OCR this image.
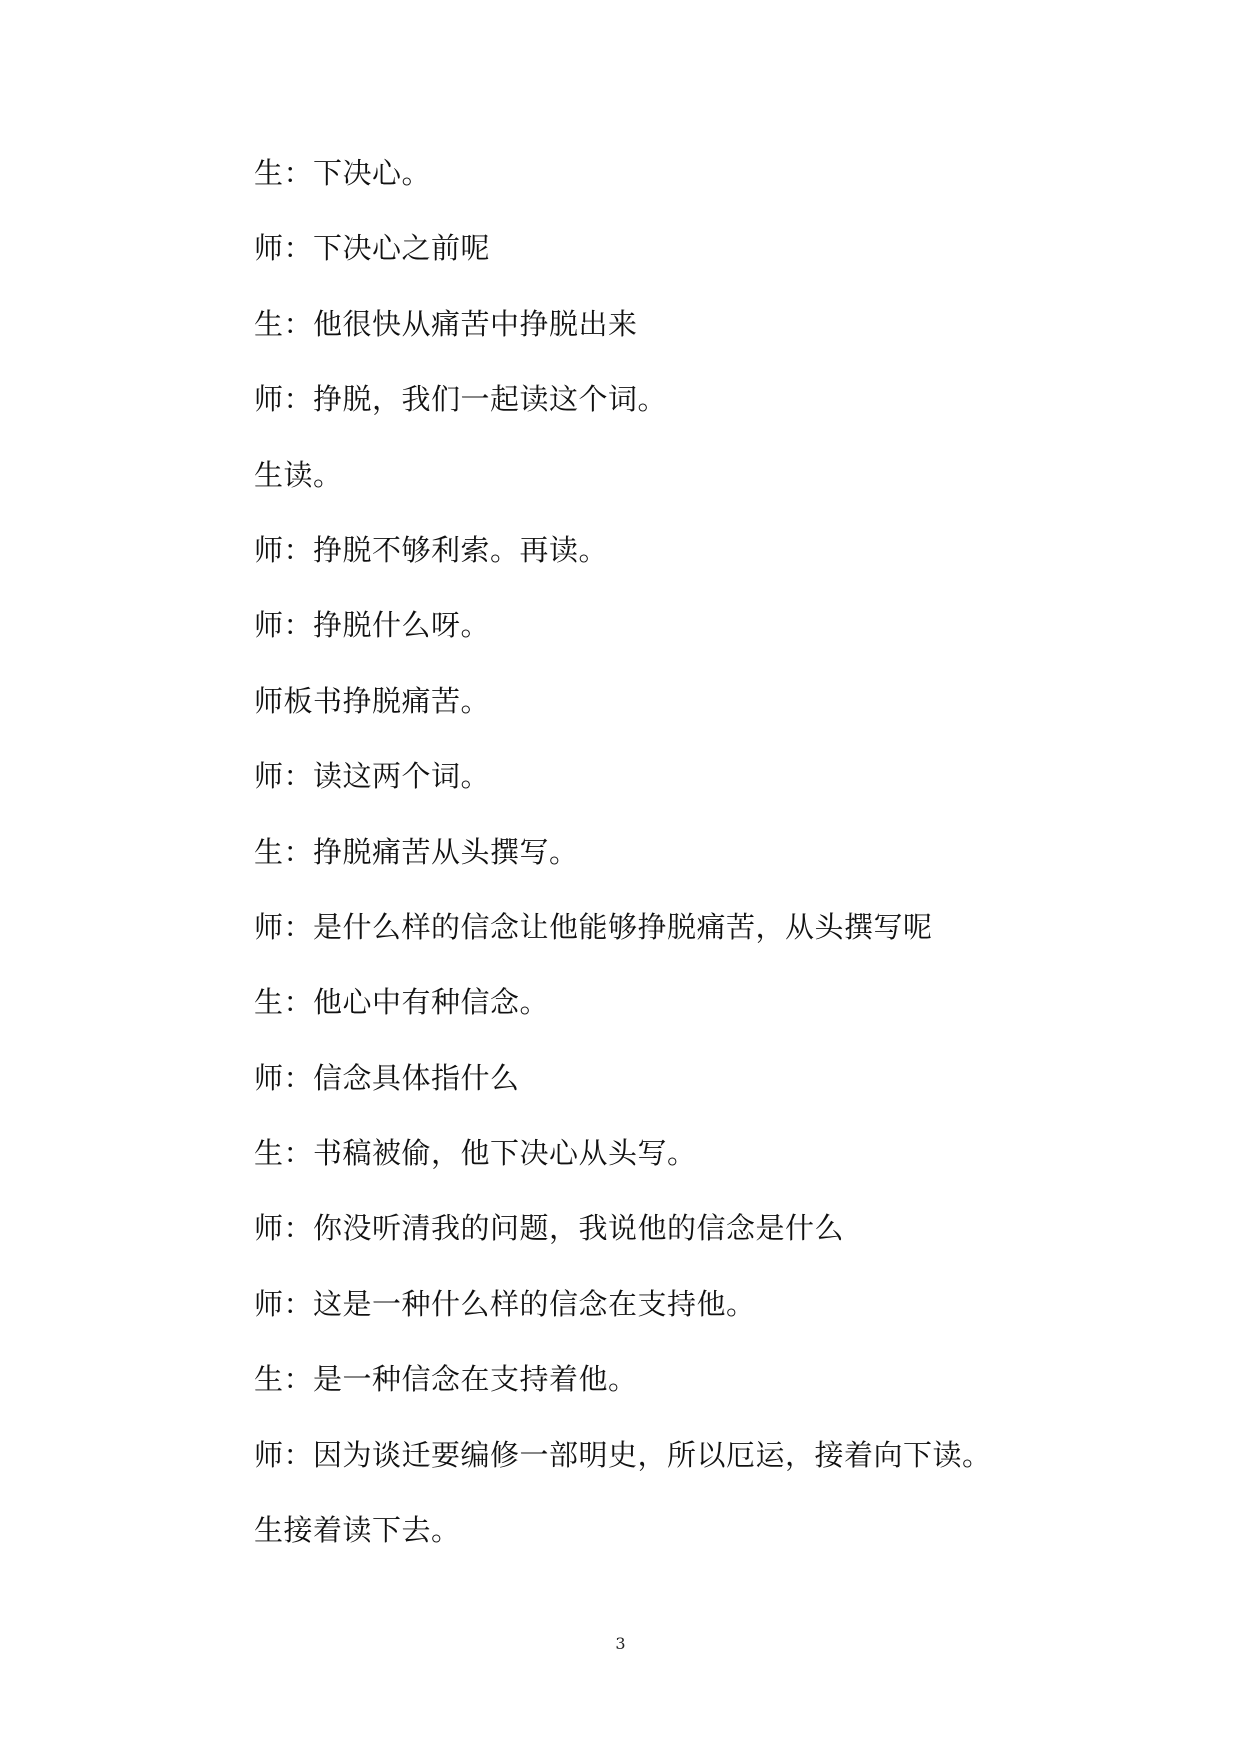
生：下决心。
师：下决心之前呢
生：他很快从痛苦中挣脱出来
师：挣脱，我们一起读这个词。
生读。
师：挣脱不够利索。再读。
师：挣脱什么呀。
师板书挣脱痛苦。
师：读这两个词。
生：挣脱痛苦从头撰写。
师：是什么样的信念让他能够挣脱痛苦，从头撰写呢
生：他心中有种信念。
师：信念具体指什么
生：书稿被偷，他下决心从头写。
师：你没听清我的问题，我说他的信念是什么
师：这是一种什么样的信念在支持他。
生：是一种信念在支持着他。
师：因为谈迁要编修一部明史，所以厄运，接着向下读。
生接着读下去。
3
